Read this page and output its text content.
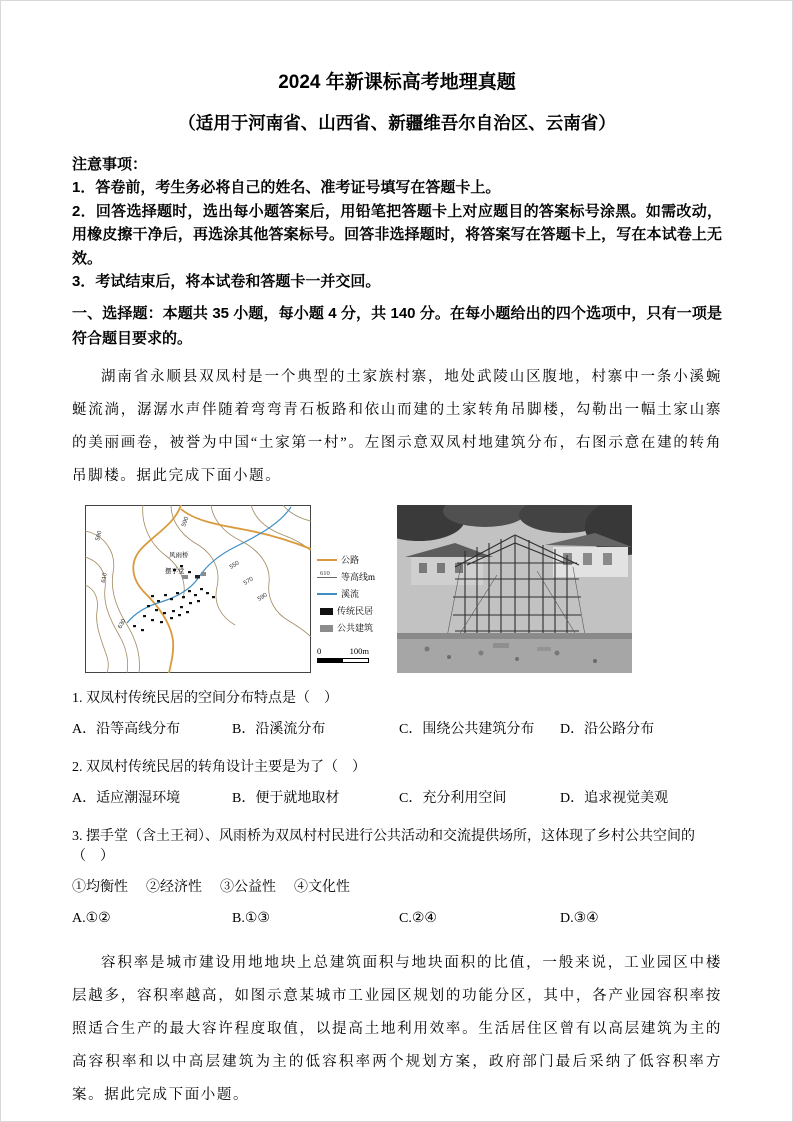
2024 年新课标高考地理真题
（适用于河南省、山西省、新疆维吾尔自治区、云南省）
注意事项：

1．答卷前，考生务必将自己的姓名、准考证号填写在答题卡上。

2．回答选择题时，选出每小题答案后，用铅笔把答题卡上对应题目的答案标号涂黑。如需改动，用橡皮擦干净后，再选涂其他答案标号。回答非选择题时，将答案写在答题卡上，写在本试卷上无效。

3．考试结束后，将本试卷和答题卡一并交回。

一、选择题：本题共 35 小题，每小题 4 分，共 140 分。在每小题给出的四个选项中，只有一项是符合题目要求的。

湖南省永顺县双凤村是一个典型的土家族村寨，地处武陵山区腹地，村寨中一条小溪蜿蜒流淌，潺潺水声伴随着弯弯青石板路和依山而建的土家转角吊脚楼，勾勒出一幅土家山寨的美丽画卷，被誉为中国“土家第一村”。左图示意双凤村地建筑分布，右图示意在建的转角吊脚楼。据此完成下面小题。

590
610
630
590
550
570
590
风雨桥
摆手堂
公路
610 等高线m
溪流
传统民居
公共建筑
0	100m

1. 双凤村传统民居的空间分布特点是（　）

A．沿等高线分布	B．沿溪流分布	C．围绕公共建筑分布	D．沿公路分布

2. 双凤村传统民居的转角设计主要是为了（　）

A．适应潮湿环境	B．便于就地取材	C．充分利用空间	D．追求视觉美观

3. 摆手堂（含土王祠）、风雨桥为双凤村村民进行公共活动和交流提供场所，这体现了乡村公共空间的（　）

①均衡性 ②经济性 ③公益性 ④文化性
A.①②	B.①③	C.②④	D.③④

容积率是城市建设用地地块上总建筑面积与地块面积的比值，一般来说，工业园区中楼层越多，容积率越高，如图示意某城市工业园区规划的功能分区，其中，各产业园容积率按照适合生产的最大容许程度取值，以提高土地利用效率。生活居住区曾有以高层建筑为主的高容积率和以中高层建筑为主的低容积率两个规划方案，政府部门最后采纳了低容积率方案。据此完成下面小题。
